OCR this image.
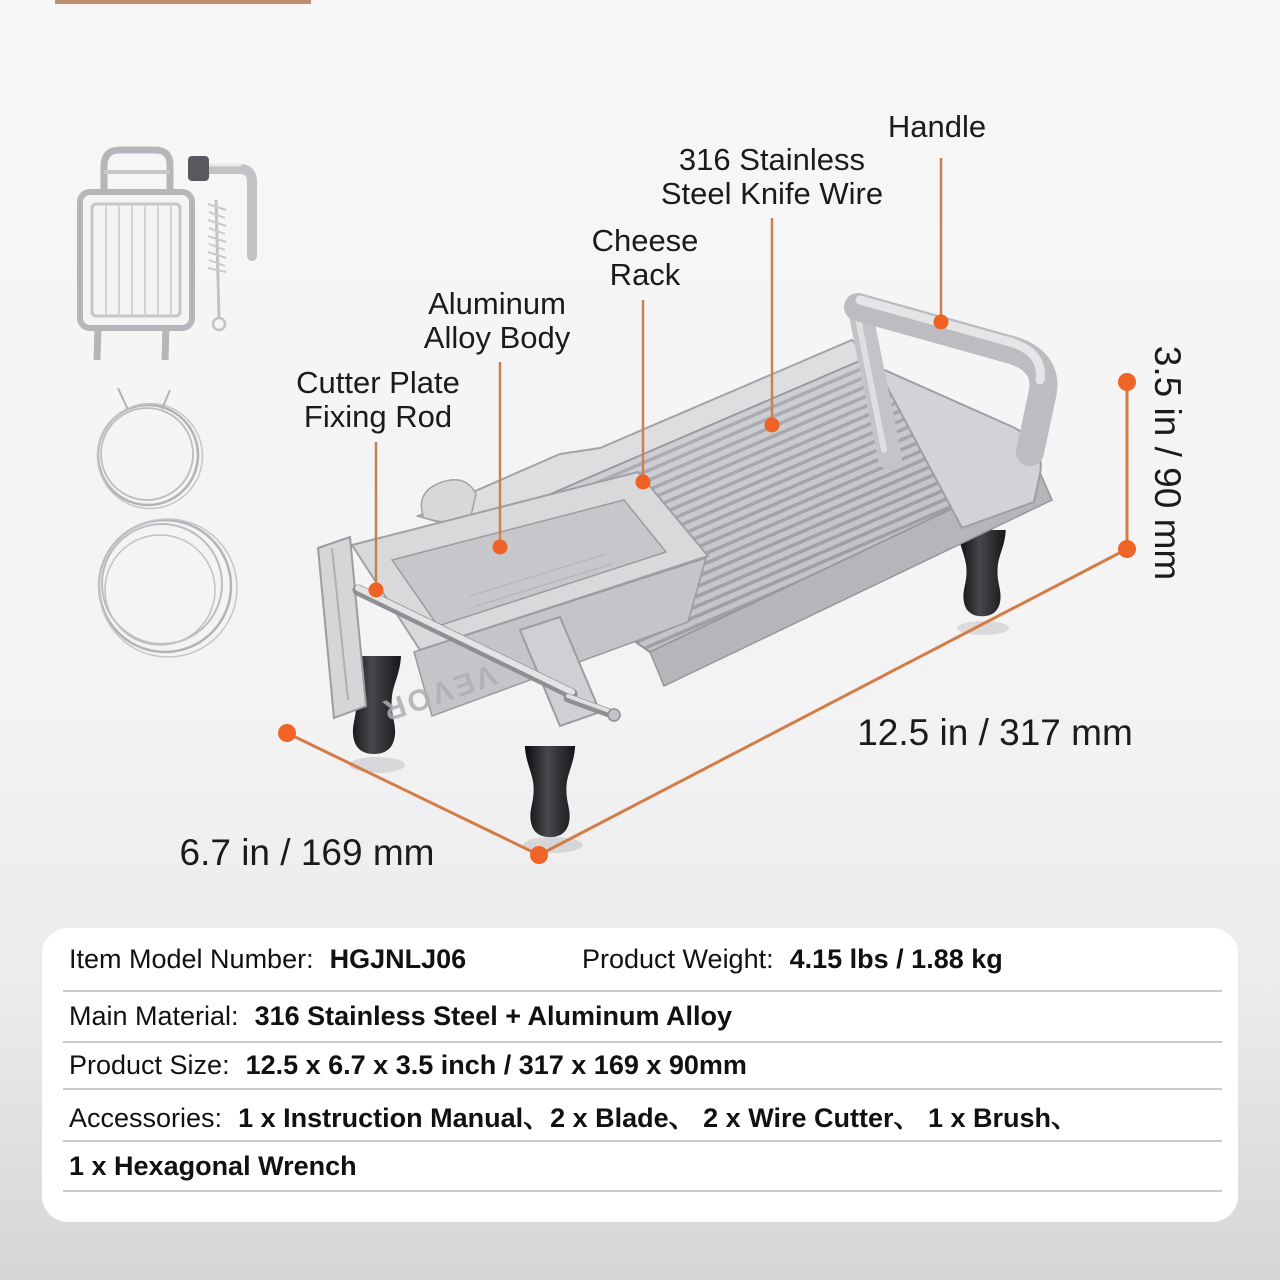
VEVOR
Handle
316 Stainless
Steel Knife Wire
Cheese
Rack
Aluminum
Alloy Body
Cutter Plate
Fixing Rod	3.5 in / 90 mm
12.5 in / 317 mm
6.7 in / 169 mm
Item Model Number: HGJNLJ06	Product Weight: 4.15 lbs / 1.88 kg
Main Material: 316 Stainless Steel + Aluminum Alloy
Product Size: 12.5 x 6.7 x 3.5 inch / 317 x 169 x 90mm
Accessories: 1 x Instruction Manual、2 x Blade、 2 x Wire Cutter、 1 x Brush、
1 x Hexagonal Wrench
